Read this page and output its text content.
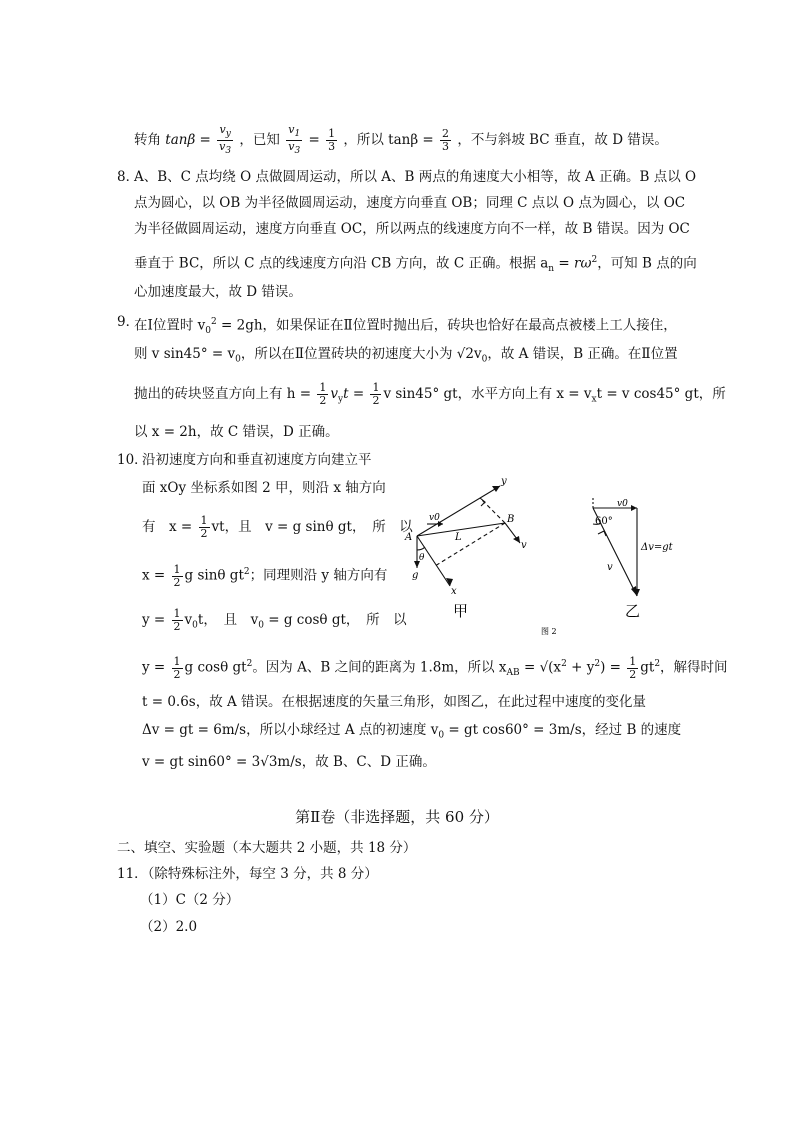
转角 $\tan\beta = \frac{v_y}{v_3}$ ，已知 $\frac{v_1}{v_3} = \frac{1}{3}$ ，所以 $\tan\beta = \frac{2}{3}$ ，不与斜坡 BC 垂直，故 D 错误。
8．
A、B、C 点均绕 O 点做圆周运动，所以 A、B 两点的角速度大小相等，故 A 正确。B 点以 O
点为圆心，以 OB 为半径做圆周运动，速度方向垂直 OB；同理 C 点以 O 点为圆心，以 OC
为半径做圆周运动，速度方向垂直 OC，所以两点的线速度方向不一样，故 B 错误。因为 OC
垂直于 BC，所以 C 点的线速度方向沿 CB 方向，故 C 正确。根据 $a_n = r\omega^2$，可知 B 点的向
心加速度最大，故 D 错误。
9．
在Ⅰ位置时 $v_0^2 = 2gh$，如果保证在Ⅱ位置时抛出后，砖块也恰好在最高点被楼上工人接住，
则 v $\sin 45^\circ = v_0$，所以在Ⅱ位置砖块的初速度大小为 $√2v_0$，故 A 错误，B 正确。在Ⅱ位置
抛出的砖块竖直方向上有 $h = \frac{1}{2} v_yt = \frac{1}{2}$ v sin45° gt，水平方向上有 $x = v_xt = v$ cos45° gt，所
以 x = 2h，故 C 错误，D 正确。
10．
沿初速度方向和垂直初速度方向建立平
面 xOy 坐标系如图 2 甲，则沿 x 轴方向
有　$x = \frac{1}{2}$ vt，且　v = g sinθ gt，　所　以
$x = \frac{1}{2}$ g sinθ $gt^2$；同理则沿 y 轴方向有
$y = \frac{1}{2} v_0t$，　且　$v_0 = g$ cosθ gt，　所　以
$y = \frac{1}{2}$ g cosθ $gt^2$。因为 A、B 之间的距离为 1.8m，所以 $x_{AB} = √(x^2 + y^2) = \frac{1}{2} gt^2$，解得时间
t = 0.6s，故 A 错误。在根据速度的矢量三角形，如图乙，在此过程中速度的变化量
Δv = gt = 6m/s，所以小球经过 A 点的初速度 $v_0$ = gt cos60° = 3m/s，经过 B 的速度
v = gt sin60° = 3√3m/s，故 B、C、D 正确。
y
v0	B
A	L
v
θ
g
x
甲
v0
60°
Δv=gt
v
乙
图 2
第Ⅱ卷（非选择题，共 60 分）
二、填空、实验题（本大题共 2 小题，共 18 分）
11．（除特殊标注外，每空 3 分，共 8 分）
（1）C（2 分）
（2）2.0
